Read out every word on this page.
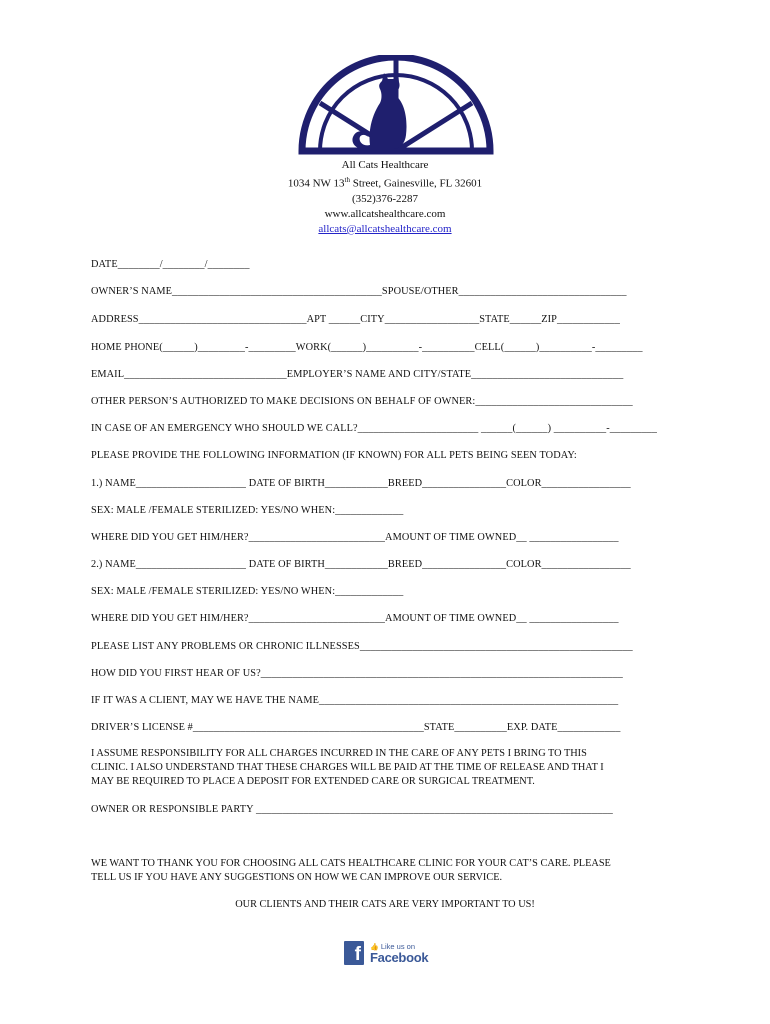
All Cats Healthcare
1034 NW 13th Street, Gainesville, FL 32601
(352)376-2287
www.allcatshealthcare.com
allcats@allcatshealthcare.com
DATE________/________/________
OWNER’S NAME________________________________________SPOUSE/OTHER________________________________
ADDRESS________________________________APT ______CITY__________________STATE______ZIP____________
HOME PHONE(______)_________-_________WORK(______)__________-__________CELL(______)__________-_________
EMAIL_______________________________EMPLOYER’S NAME AND CITY/STATE_____________________________
OTHER PERSON’S AUTHORIZED TO MAKE DECISIONS ON BEHALF OF OWNER:______________________________
IN CASE OF AN EMERGENCY WHO SHOULD WE CALL?_______________________ ______(______) __________-_________
PLEASE PROVIDE THE FOLLOWING INFORMATION (IF KNOWN) FOR ALL PETS BEING SEEN TODAY:
1.) NAME_____________________ DATE OF BIRTH____________BREED________________COLOR_________________
SEX: MALE /FEMALE STERILIZED: YES/NO WHEN:_____________
WHERE DID YOU GET HIM/HER?__________________________AMOUNT OF TIME OWNED__ _________________
2.) NAME_____________________ DATE OF BIRTH____________BREED________________COLOR_________________
SEX: MALE /FEMALE STERILIZED: YES/NO WHEN:_____________
WHERE DID YOU GET HIM/HER?__________________________AMOUNT OF TIME OWNED__ _________________
PLEASE LIST ANY PROBLEMS OR CHRONIC ILLNESSES____________________________________________________
HOW DID YOU FIRST HEAR OF US?_____________________________________________________________________
IF IT WAS A CLIENT, MAY WE HAVE THE NAME_________________________________________________________
DRIVER’S LICENSE #____________________________________________STATE__________EXP. DATE____________
I ASSUME RESPONSIBILITY FOR ALL CHARGES INCURRED IN THE CARE OF ANY PETS I BRING TO THIS
CLINIC. I ALSO UNDERSTAND THAT THESE CHARGES WILL BE PAID AT THE TIME OF RELEASE AND THAT I
MAY BE REQUIRED TO PLACE A DEPOSIT FOR EXTENDED CARE OR SURGICAL TREATMENT.
OWNER OR RESPONSIBLE PARTY ____________________________________________________________________
WE WANT TO THANK YOU FOR CHOOSING ALL CATS HEALTHCARE CLINIC FOR YOUR CAT’S CARE. PLEASE
TELL US IF YOU HAVE ANY SUGGESTIONS ON HOW WE CAN IMPROVE OUR SERVICE.
OUR CLIENTS AND THEIR CATS ARE VERY IMPORTANT TO US!
f	👍 Like us on
Facebook
